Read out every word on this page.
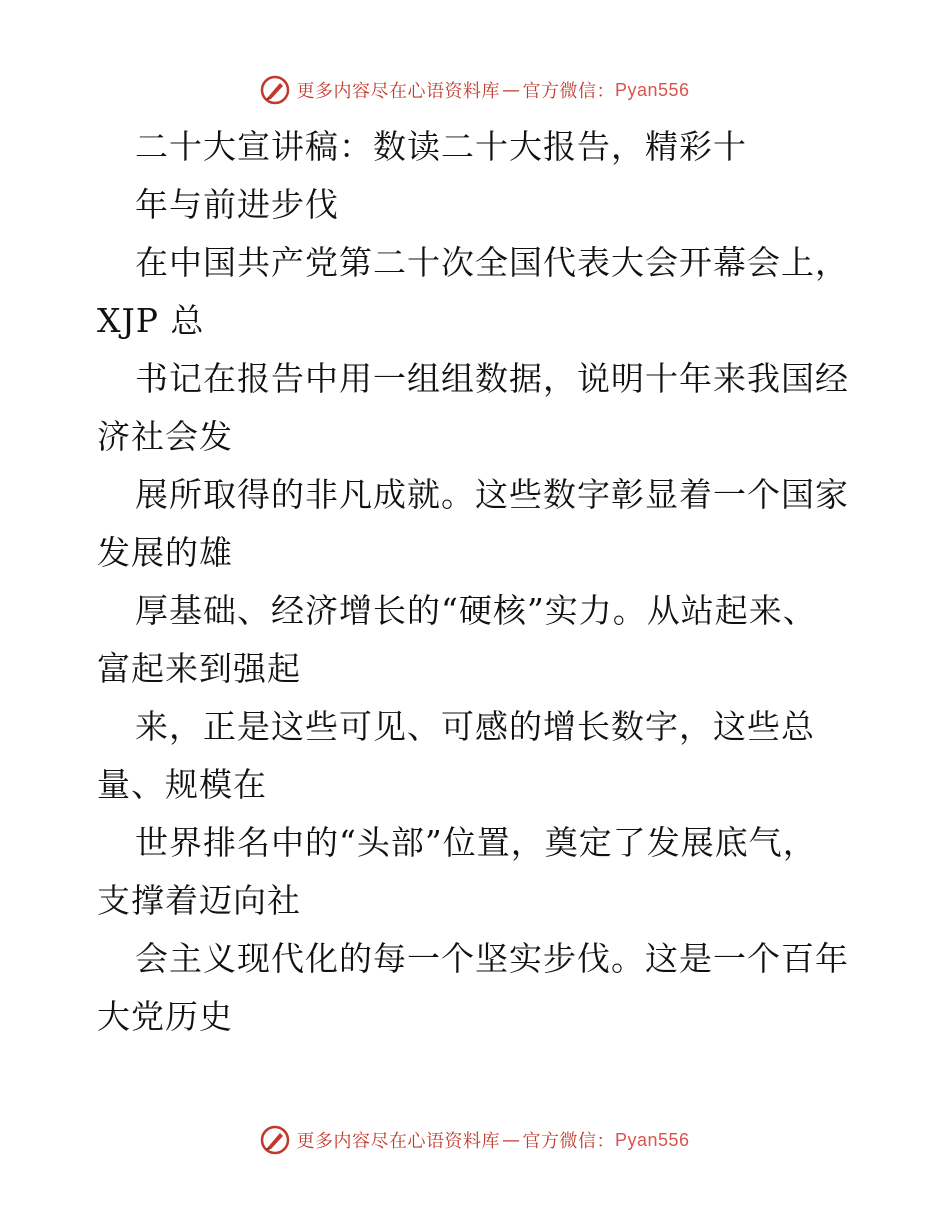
更多内容尽在心语资料库 — 官方微信： Pyan556
二十大宣讲稿：数读二十大报告，精彩十
年与前进步伐
在中国共产党第二十次全国代表大会开幕会上，
XJP 总
书记在报告中用一组组数据，说明十年来我国经
济社会发
展所取得的非凡成就。这些数字彰显着一个国家
发展的雄
厚基础、经济增长的“硬核”实力。从站起来、
富起来到强起
来，正是这些可见、可感的增长数字，这些总
量、规模在
世界排名中的“头部”位置，奠定了发展底气，
支撑着迈向社
会主义现代化的每一个坚实步伐。这是一个百年
大党历史
更多内容尽在心语资料库 — 官方微信： Pyan556
